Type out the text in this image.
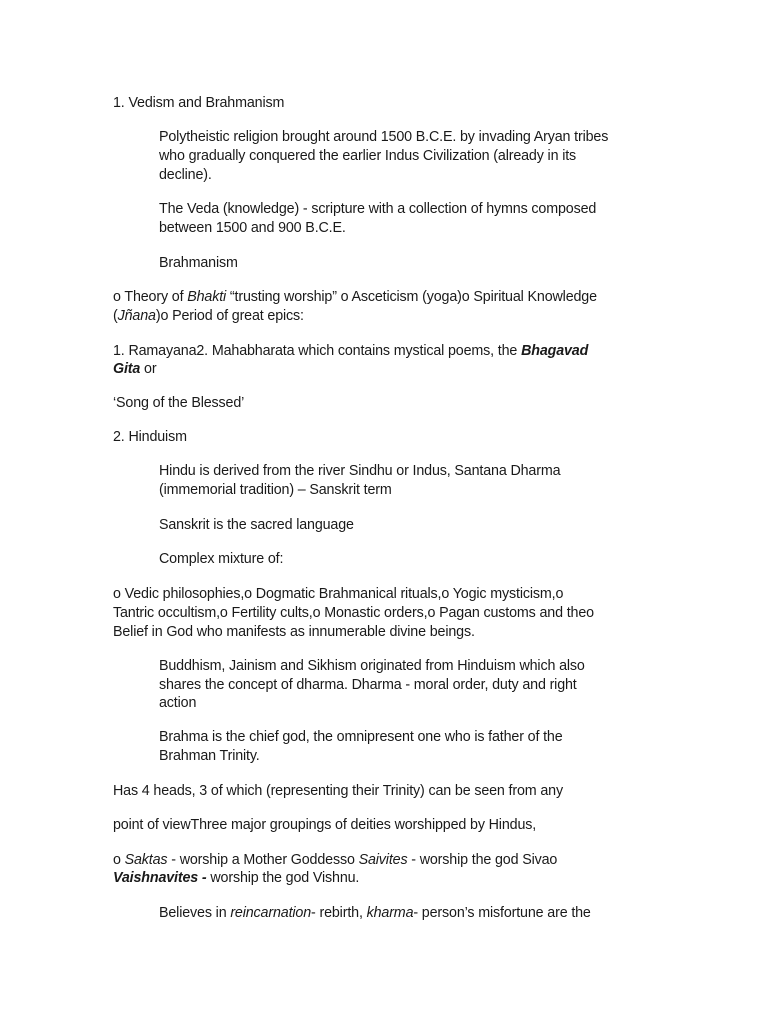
1. Vedism and Brahmanism
Polytheistic religion brought around 1500 B.C.E. by invading Aryan tribes
who gradually conquered the earlier Indus Civilization (already in its
decline).
The Veda (knowledge) - scripture with a collection of hymns composed
between 1500 and 900 B.C.E.
Brahmanism
o Theory of Bhakti “trusting worship” o Asceticism (yoga)o Spiritual Knowledge
(Jñana)o Period of great epics:
1. Ramayana2. Mahabharata which contains mystical poems, the Bhagavad
Gita or
‘Song of the Blessed’
2. Hinduism
Hindu is derived from the river Sindhu or Indus, Santana Dharma
(immemorial tradition) – Sanskrit term
Sanskrit is the sacred language
Complex mixture of:
o Vedic philosophies,o Dogmatic Brahmanical rituals,o Yogic mysticism,o
Tantric occultism,o Fertility cults,o Monastic orders,o Pagan customs and theo
Belief in God who manifests as innumerable divine beings.
Buddhism, Jainism and Sikhism originated from Hinduism which also
shares the concept of dharma. Dharma - moral order, duty and right
action
Brahma is the chief god, the omnipresent one who is father of the
Brahman Trinity.
Has 4 heads, 3 of which (representing their Trinity) can be seen from any
point of viewThree major groupings of deities worshipped by Hindus,
o Saktas - worship a Mother Goddesso Saivites - worship the god Sivao
Vaishnavites - worship the god Vishnu.
Believes in reincarnation- rebirth, kharma- person’s misfortune are the
